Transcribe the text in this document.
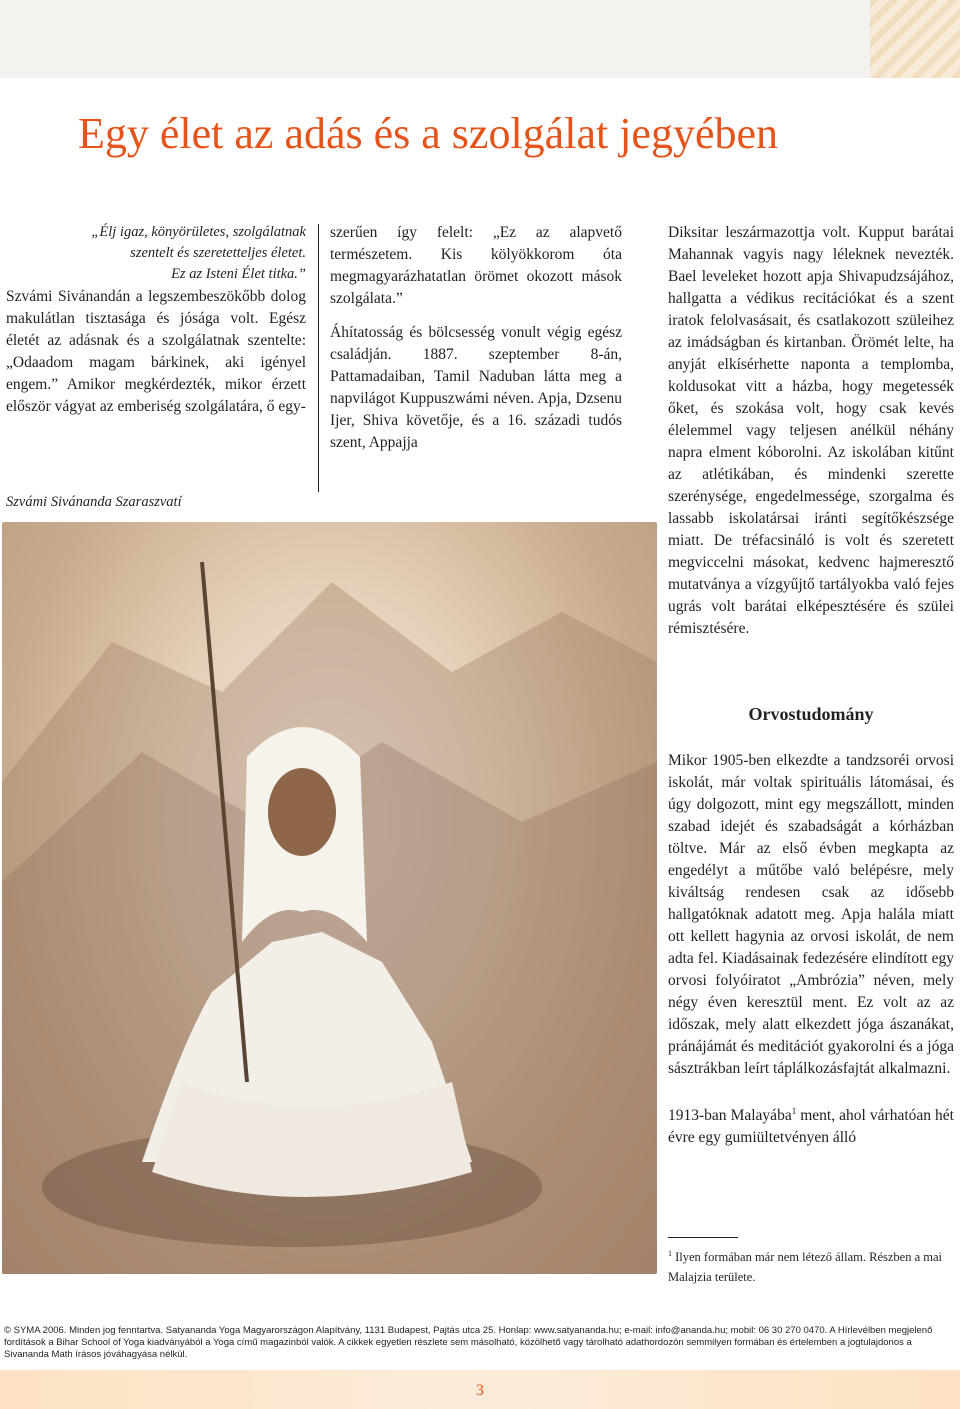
Egy élet az adás és a szolgálat jegyében
„Élj igaz, könyörületes, szolgálatnak
szentelt és szeretetteljes életet.
Ez az Isteni Élet titka.”

Szvámi Sivánandán a legszembeszökőbb dolog makulátlan tisztasága és jósága volt. Egész életét az adásnak és a szolgálatnak szentelte: „Odaadom magam bárkinek, aki igényel engem.” Amikor megkérdezték, mikor érzett először vágyat az emberiség szolgálatára, ő egy-

Szvámi Sivánanda Szaraszvatí

szerűen így felelt: „Ez az alapvető természetem. Kis kölyökkorom óta megmagyarázhatatlan örömet okozott mások szolgálata.”

Áhítatosság és bölcsesség vonult végig egész családján. 1887. szeptember 8-án, Pattamadaiban, Tamil Naduban látta meg a napvilágot Kuppuszwámi néven. Apja, Dzsenu Ijer, Shiva követője, és a 16. századi tudós szent, Appajja

Diksitar leszármazottja volt. Kupput barátai Mahannak vagyis nagy léleknek nevezték. Bael leveleket hozott apja Shivapudzsájához, hallgatta a védikus recitációkat és a szent iratok felolvasásait, és csatlakozott szüleihez az imádságban és kirtanban. Örömét lelte, ha anyját elkísérhette naponta a templomba, koldusokat vitt a házba, hogy megetessék őket, és szokása volt, hogy csak kevés élelemmel vagy teljesen anélkül néhány napra elment kóborolni. Az iskolában kitűnt az atlétikában, és mindenki szerette szerénysége, engedelmessége, szorgalma és lassabb iskolatársai iránti segítőkészsége miatt. De tréfacsináló is volt és szeretett megviccelni másokat, kedvenc hajmeresztő mutatványa a vízgyűjtő tartályokba való fejes ugrás volt barátai elképesztésére és szülei rémisztésére.

Orvostudomány

Mikor 1905-ben elkezdte a tandzsoréi orvosi iskolát, már voltak spirituális látomásai, és úgy dolgozott, mint egy megszállott, minden szabad idejét és szabadságát a kórházban töltve. Már az első évben megkapta az engedélyt a műtőbe való belépésre, mely kiváltság rendesen csak az idősebb hallgatóknak adatott meg. Apja halála miatt ott kellett hagynia az orvosi iskolát, de nem adta fel. Kiadásainak fedezésére elindított egy orvosi folyóiratot „Ambrózia” néven, mely négy éven keresztül ment. Ez volt az az időszak, mely alatt elkezdett jóga ászanákat, pránájámát és meditációt gyakorolni és a jóga sásztrákban leírt táplálkozásfajtát alkalmazni.

1913-ban Malayába$^1$ ment, ahol várhatóan hét évre egy gumiültetvényen álló

$^1$ Ilyen formában már nem létező állam. Részben a mai Malajzia területe.
© SYMA 2006. Minden jog fenntartva. Satyananda Yoga Magyarországon Alapítvány, 1131 Budapest, Pajtás utca 25. Honlap: www.satyananda.hu; e-mail: info@ananda.hu; mobil: 06 30 270 0470. A Hírlevélben megjelenő fordítások a Bihar School of Yoga kiadványából a Yoga című magazinból valók. A cikkek egyetlen részlete sem másolható, közölhető vagy tárolható adathordozón semmilyen formában és értelemben a jogtulajdonos a Sivananda Math írásos jóváhagyása nélkül.
3
